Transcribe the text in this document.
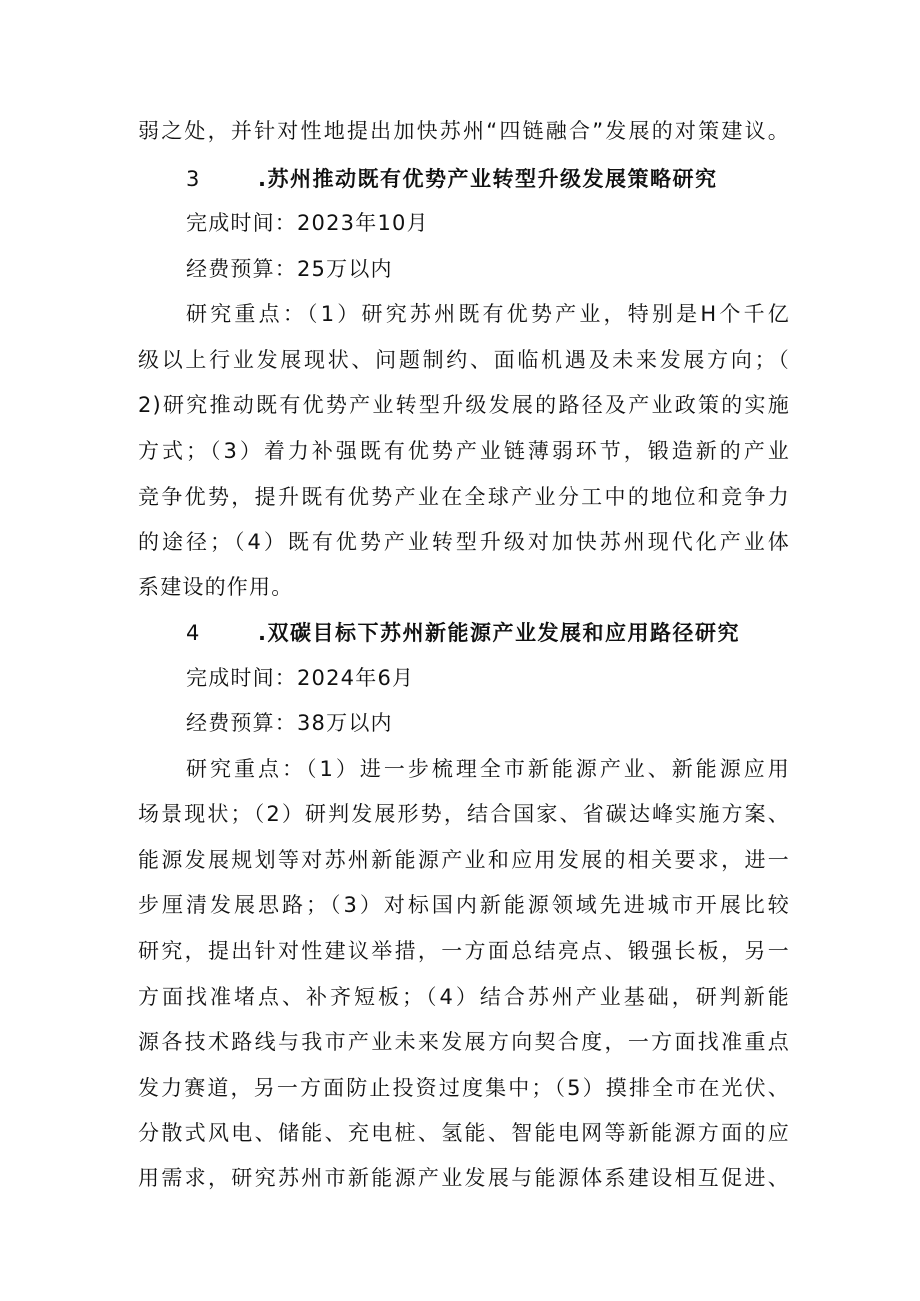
弱之处，并针对性地提出加快苏州“四链融合”发展的对策建议。
3	.苏州推动既有优势产业转型升级发展策略研究
完成时间：2023年10月
经费预算：25万以内
研究重点：（1）研究苏州既有优势产业，特别是H个千亿
级以上行业发展现状、问题制约、面临机遇及未来发展方向；（
2)研究推动既有优势产业转型升级发展的路径及产业政策的实施
方式；（3）着力补强既有优势产业链薄弱环节，锻造新的产业
竞争优势，提升既有优势产业在全球产业分工中的地位和竞争力
的途径；（4）既有优势产业转型升级对加快苏州现代化产业体
系建设的作用。
4	.双碳目标下苏州新能源产业发展和应用路径研究
完成时间：2024年6月
经费预算：38万以内
研究重点：（1）进一步梳理全市新能源产业、新能源应用
场景现状；（2）研判发展形势，结合国家、省碳达峰实施方案、
能源发展规划等对苏州新能源产业和应用发展的相关要求，进一
步厘清发展思路；（3）对标国内新能源领域先进城市开展比较
研究，提出针对性建议举措，一方面总结亮点、锻强长板，另一
方面找准堵点、补齐短板；（4）结合苏州产业基础，研判新能
源各技术路线与我市产业未来发展方向契合度，一方面找准重点
发力赛道，另一方面防止投资过度集中；（5）摸排全市在光伏、
分散式风电、储能、充电桩、氢能、智能电网等新能源方面的应
用需求，研究苏州市新能源产业发展与能源体系建设相互促进、
